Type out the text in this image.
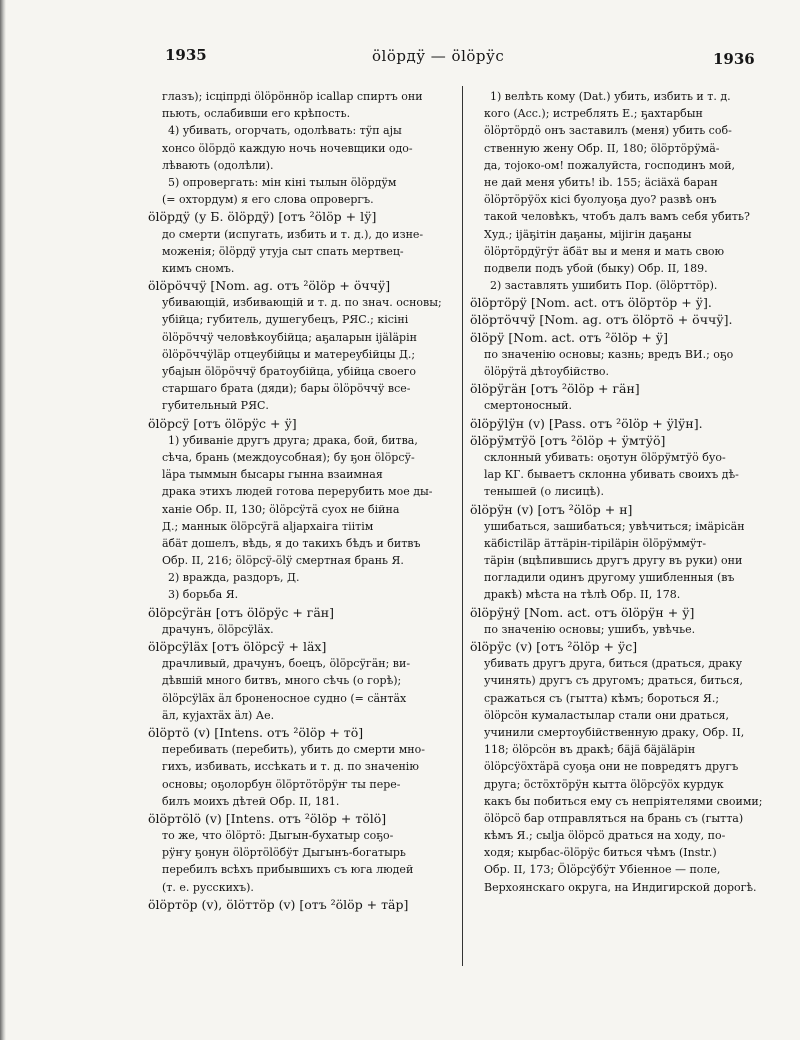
1935	ӧlӧрдӱ — ӧlӧрӱс	1936
глазъ); ісціпрді ӧlӧрӧннӧр ісаllар спиртъ они
пьють, ослабивши его крѣпость.
4) убивать, огорчать, одолѣвать: тӱп аjы
хонсо ӧlӧрдӧ каждую ночь ночевщики одо-
лѣвають (одолѣли).
5) опровергать: мін кіні тылын ӧlӧрдӱм
(= охтордум) я его слова опровергъ.
ӧlӧрдӱ (у Б. ӧlӧрдӱ) [отъ ²ӧlӧр + lӱ]
до смерти (испугать, избить и т. д.), до изне-
моженія; ӧlӧрдӱ утуја сыт спать мертвец-
кимъ сномъ.
ӧlӧрӧччӱ [Nom. ag. отъ ²ӧlӧр + ӧччӱ]
убивающій, избивающій и т. д. по знач. основы;
убійца; губитель, душегубецъ, РЯС.; кісіні
ӧlӧрӧччӱ человѣкоубійца; аҕаларын іjäläрін
ӧlӧрӧччӱlӓр отцеубійцы и матереубійцы Д.;
убаjын ӧlӧрӧччӱ братоубійца, убійца своего
старшаго брата (дяди); бары ӧlӧрӧччӱ все-
губительный РЯС.
ӧlӧрсӱ [отъ ӧlӧрӱс + ӱ]
1) убиваніе другъ друга; драка, бой, битва,
сѣча, брань (междоусобная); бу ҕон ӧlӧрсӱ-
lӓра тыммын бысары гынна взаимная
драка этихъ людей готова перерубить мое ды-
ханіе Обр. II, 130; ӧlӧрсӱтӓ суох не бійна
Д.; маннык ӧlӧрсӱгӓ аljархаiга тіітім
äбäт дошелъ, вѣдь, я до такихъ бѣдъ и битвъ
Обр. II, 216; ӧlӧрсӱ-ӧlӱ смертная брань Я.
2) вражда, раздоръ, Д.
3) борьба Я.
ӧlӧрсӱгӓн [отъ ӧlӧрӱс + гӓн]
драчунъ, ӧlӧрсӱlӓх.
ӧlӧрсӱlӓх [отъ ӧlӧрсӱ + lӓх]
драчливый, драчунъ, боецъ, ӧlӧрсӱгӓн; ви-
дѣвшій много битвъ, много сѣчь (о горѣ);
ӧlӧрсӱlӓх ӓл броненосное судно (= сӓнтӓх
ӓл, куjахтӓх ӓл) Ае.
ӧlӧртӧ (v) [Intens. отъ ²ӧlӧр + тӧ]
перебивать (перебить), убить до смерти мно-
гихъ, избивать, иссѣкать и т. д. по значенію
основы; оҕолорбун ӧlӧртӧтӧрӱҥ ты пере-
билъ моихъ дѣтей Обр. II, 181.
ӧlӧртӧlӧ (v) [Intens. отъ ²ӧlӧр + тӧlӧ]
то же, что ӧlӧртӧ: Дыгын-бухатыр соҕо-
рӱҥу ҕонун ӧlӧртӧlӧбӱт Дыгынъ-богатырь
перебилъ всѣхъ прибывшихъ съ юга людей
(т. е. русскихъ).
ӧlӧртӧр (v), ӧlӧттӧр (v) [отъ ²ӧlӧр + тӓр]
1) велѣть кому (Dat.) убить, избить и т. д.
кого (Acc.); истреблять Е.; ҕахтарбын
ӧlӧртӧрдӧ онъ заставилъ (меня) убить соб-
ственную жену Обр. II, 180; ӧlӧртӧрӱмӓ-
да, тојоко-ом! пожалуйста, господинъ мой,
не дай меня убить! ib. 155; äсіäхä баран
ӧlӧртӧрӱӧх кісі буолуоҕа дуо? развѣ онъ
такой человѣкъ, чтобъ далъ вамъ себя убить?
Худ.; іjäҕітін даҕаны, міjігін даҕаны
ӧlӧртӧрдӱгӱт äбäт вы и меня и мать свою
подвели подъ убой (быку) Обр. II, 189.
2) заставлять ушибить Пор. (ӧlӧрттӧр).
ӧlӧртӧрӱ [Nom. act. отъ ӧlӧртӧр + ӱ].
ӧlӧртӧччӱ [Nom. ag. отъ ӧlӧртӧ + ӧччӱ].
ӧlӧрӱ [Nom. act. отъ ²ӧlӧр + ӱ]
по значенію основы; казнь; вредъ ВИ.; оҕо
ӧlӧрӱтӓ дѣтоубійство.
ӧlӧрӱгӓн [отъ ²ӧlӧр + гӓн]
смертоносный.
ӧlӧрӱlӱн (v) [Pass. отъ ²ӧlӧр + ӱlӱн].
ӧlӧрӱмтӱӧ [отъ ²ӧlӧр + ӱмтӱӧ]
склонный убивать: оҕотун ӧlӧрӱмтӱӧ буо-
lар КГ. бываетъ склонна убивать своихъ дѣ-
тенышей (о лисицѣ).
ӧlӧрӱн (v) [отъ ²ӧlӧр + н]
ушибаться, зашибаться; увѣчиться; імäрісäн
кäбістіläр äттäрін-тіріläрін ӧlӧрӱммӱт-
тäрін (вцѣпившись другъ другу въ руки) они
погладили одинъ другому ушибленныя (въ
дракѣ) мѣста на тѣлѣ Обр. II, 178.
ӧlӧрӱнӱ [Nom. act. отъ ӧlӧрӱн + ӱ]
по значенію основы; ушибъ, увѣчье.
ӧlӧрӱс (v) [отъ ²ӧlӧр + ӱс]
убивать другъ друга, биться (драться, драку
учинять) другъ съ другомъ; драться, биться,
сражаться съ (гытта) кѣмъ; бороться Я.;
ӧlӧрсӧн кумаластылар стали они драться,
учинили смертоубійственную драку, Обр. II,
118; ӧlӧрсӧн въ дракѣ; бäjä бäjäläрін
ӧlӧрсӱӧхтӓрӓ суоҕа они не повредятъ другъ
друга; ӧстӧхтӧрӱн кытта ӧlӧрсӱӧх курдук
какъ бы побиться ему съ непріятелями своими;
ӧlӧрсӧ бар отправляться на брань съ (гытта)
кѣмъ Я.; сыlја ӧlӧрсӧ драться на ходу, по-
ходя; кырбас-ӧlӧрӱс биться чѣмъ (Instr.)
Обр. II, 173; Ӧlӧрсӱбӱт Убіенное — поле,
Верхоянскаго округа, на Индигирской дорогѣ.
